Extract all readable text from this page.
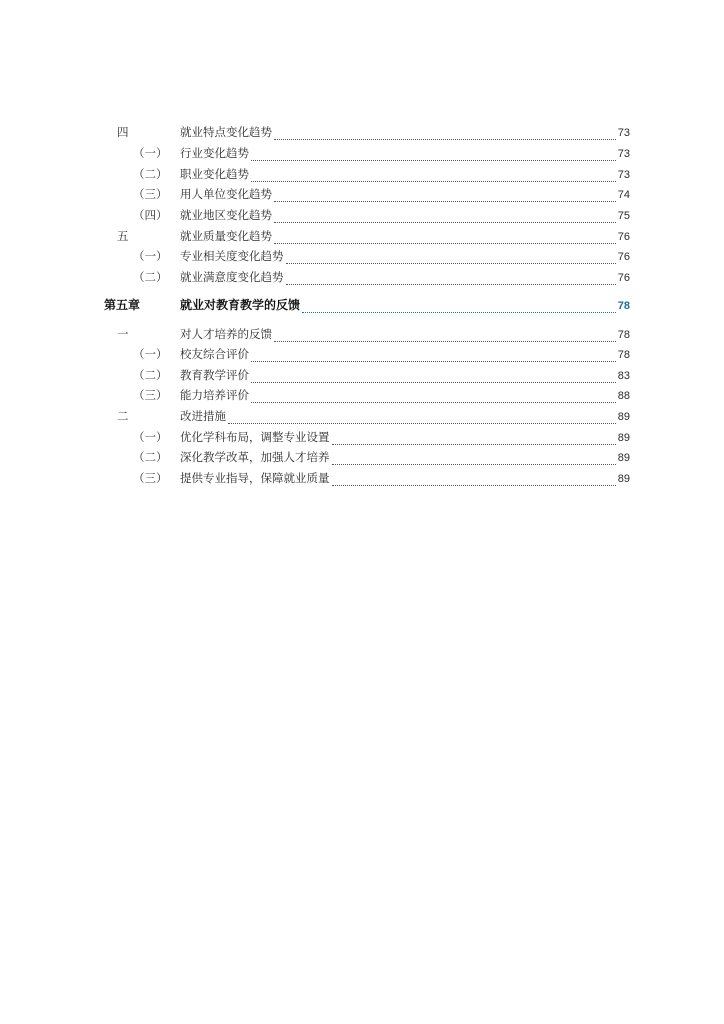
四	就业特点变化趋势	73
（一） 行业变化趋势	73
（二） 职业变化趋势	73
（三） 用人单位变化趋势	74
（四） 就业地区变化趋势	75
五	就业质量变化趋势	76
（一） 专业相关度变化趋势	76
（二） 就业满意度变化趋势	76
第五章	就业对教育教学的反馈	78
一	对人才培养的反馈	78
（一） 校友综合评价	78
（二） 教育教学评价	83
（三） 能力培养评价	88
二	改进措施	89
（一） 优化学科布局，调整专业设置	89
（二） 深化教学改革，加强人才培养	89
（三） 提供专业指导，保障就业质量	89
